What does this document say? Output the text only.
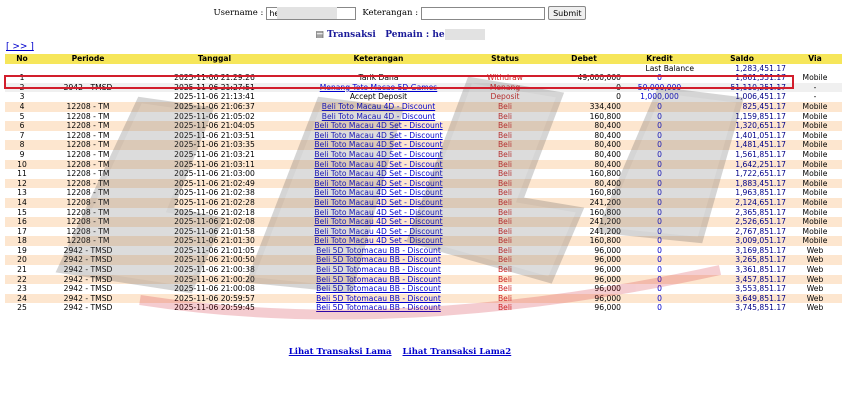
Username :
he	Keterangan :	Submit
▤ Transaksi Pemain : he
[ >> ]
No	Periode	Tanggal	Keterangan	Status	Debet	Kredit	Saldo	Via
Last Balance							1,283,451.17	
1		2025-11-06 21:29:26	Tarik Dana	Withdraw	49,000,000	0	1,861,551.17	Mobile
2	2942 - TMSD	2025-11-06 21:27:51	Menang Toto Macao 5D Games	Menang	0	50,000,000	51,110,251.17	-
3		2025-11-06 21:13:41	Accept Deposit	Deposit	0	1,000,000	1,006,451.17	-
4	12208 - TM	2025-11-06 21:06:37	Beli Toto Macau 4D - Discount	Beli	334,400	0	825,451.17	Mobile
5	12208 - TM	2025-11-06 21:05:02	Beli Toto Macau 4D - Discount	Beli	160,800	0	1,159,851.17	Mobile
6	12208 - TM	2025-11-06 21:04:05	Beli Toto Macau 4D Set - Discount	Beli	80,400	0	1,320,651.17	Mobile
7	12208 - TM	2025-11-06 21:03:51	Beli Toto Macau 4D Set - Discount	Beli	80,400	0	1,401,051.17	Mobile
8	12208 - TM	2025-11-06 21:03:35	Beli Toto Macau 4D Set - Discount	Beli	80,400	0	1,481,451.17	Mobile
9	12208 - TM	2025-11-06 21:03:21	Beli Toto Macau 4D Set - Discount	Beli	80,400	0	1,561,851.17	Mobile
10	12208 - TM	2025-11-06 21:03:11	Beli Toto Macau 4D Set - Discount	Beli	80,400	0	1,642,251.17	Mobile
11	12208 - TM	2025-11-06 21:03:00	Beli Toto Macau 4D Set - Discount	Beli	160,800	0	1,722,651.17	Mobile
12	12208 - TM	2025-11-06 21:02:49	Beli Toto Macau 4D Set - Discount	Beli	80,400	0	1,883,451.17	Mobile
13	12208 - TM	2025-11-06 21:02:38	Beli Toto Macau 4D Set - Discount	Beli	160,800	0	1,963,851.17	Mobile
14	12208 - TM	2025-11-06 21:02:28	Beli Toto Macau 4D Set - Discount	Beli	241,200	0	2,124,651.17	Mobile
15	12208 - TM	2025-11-06 21:02:18	Beli Toto Macau 4D Set - Discount	Beli	160,800	0	2,365,851.17	Mobile
16	12208 - TM	2025-11-06 21:02:08	Beli Toto Macau 4D Set - Discount	Beli	241,200	0	2,526,651.17	Mobile
17	12208 - TM	2025-11-06 21:01:58	Beli Toto Macau 4D Set - Discount	Beli	241,200	0	2,767,851.17	Mobile
18	12208 - TM	2025-11-06 21:01:30	Beli Toto Macau 4D Set - Discount	Beli	160,800	0	3,009,051.17	Mobile
19	2942 - TMSD	2025-11-06 21:01:05	Beli 5D Totomacau BB - Discount	Beli	96,000	0	3,169,851.17	Web
20	2942 - TMSD	2025-11-06 21:00:50	Beli 5D Totomacau BB - Discount	Beli	96,000	0	3,265,851.17	Web
21	2942 - TMSD	2025-11-06 21:00:38	Beli 5D Totomacau BB - Discount	Beli	96,000	0	3,361,851.17	Web
22	2942 - TMSD	2025-11-06 21:00:20	Beli 5D Totomacau BB - Discount	Beli	96,000	0	3,457,851.17	Web
23	2942 - TMSD	2025-11-06 21:00:08	Beli 5D Totomacau BB - Discount	Beli	96,000	0	3,553,851.17	Web
24	2942 - TMSD	2025-11-06 20:59:57	Beli 5D Totomacau BB - Discount	Beli	96,000	0	3,649,851.17	Web
25	2942 - TMSD	2025-11-06 20:59:45	Beli 5D Totomacau BB - Discount	Beli	96,000	0	3,745,851.17	Web
Lihat Transaksi Lama Lihat Transaksi Lama2
